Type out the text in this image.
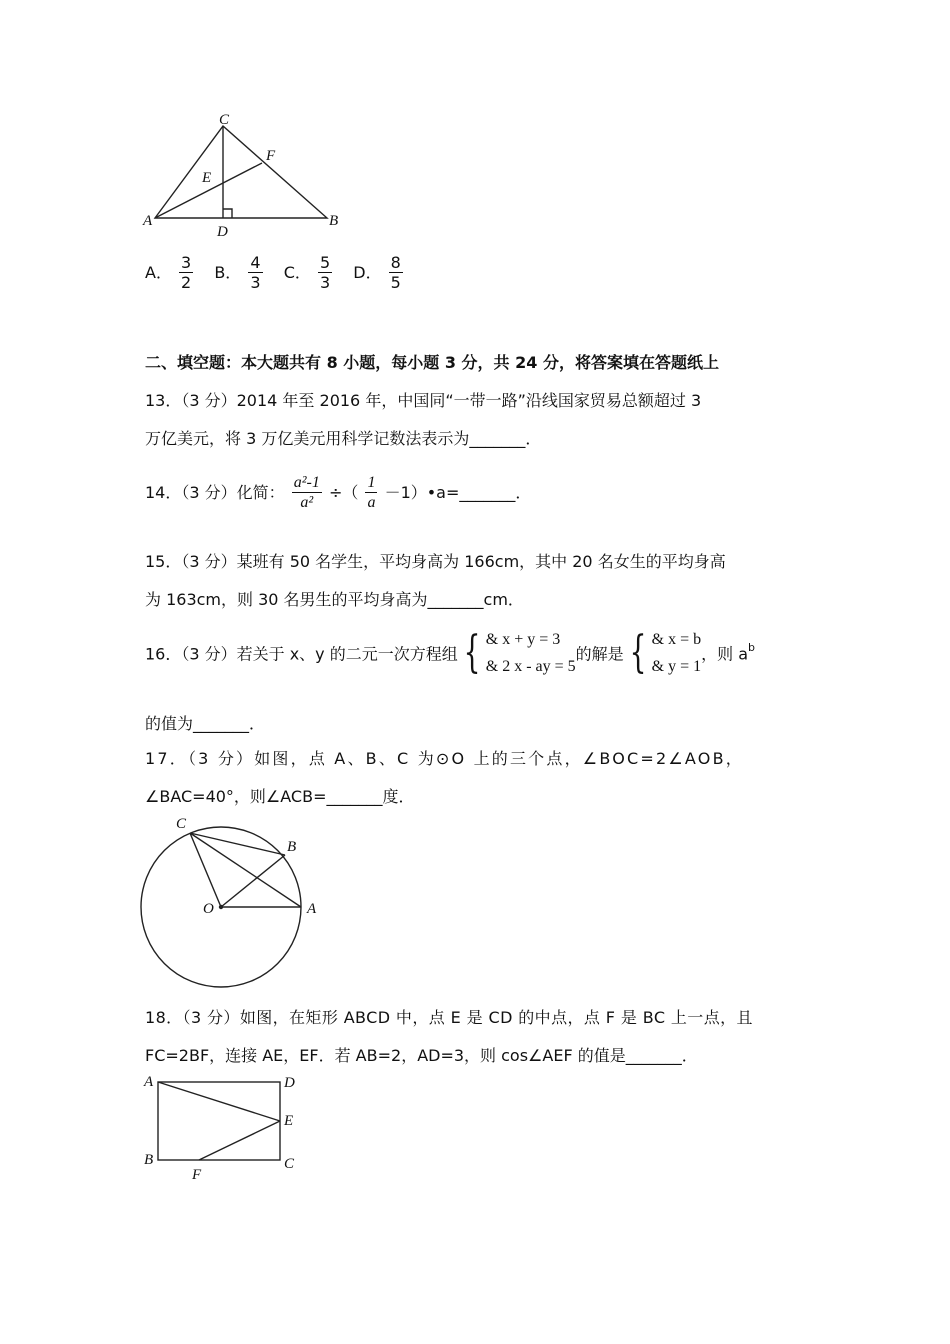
C
F
E
A
D
B
A． $\frac{3}{2}$ B． $\frac{4}{3}$ C． $\frac{5}{3}$ D． $\frac{8}{5}$
二、填空题：本大题共有 8 小题，每小题 3 分，共 24 分，将答案填在答题纸上
13．（3 分）2014 年至 2016 年，中国同“一带一路”沿线国家贸易总额超过 3
万亿美元，将 3 万亿美元用科学记数法表示为_______．
14．（3 分）化简： $\frac{\text{a²-1}}{\text{a²}}$ ÷（ $\frac{1}{a}$ －1）•a=_______．
15．（3 分）某班有 50 名学生，平均身高为 166cm，其中 20 名女生的平均身高
为 163cm，则 30 名男生的平均身高为_______cm．
16．（3 分）若关于 x、y 的二元一次方程组 { & x + y = 3
& 2 x - ay = 5
的解是 { & x = b
& y = 1
，则 $a^b$
的值为_______．
17．（3 分）如图，点 A、B、C 为⊙O 上的三个点，∠BOC=2∠AOB，
∠BAC=40°，则∠ACB=_______度．
C
B
O	A
18．（3 分）如图，在矩形 ABCD 中，点 E 是 CD 的中点，点 F 是 BC 上一点，且
FC=2BF，连接 AE，EF．若 AB=2，AD=3，则 cos∠AEF 的值是_______．
A	D
E
B
F
C
